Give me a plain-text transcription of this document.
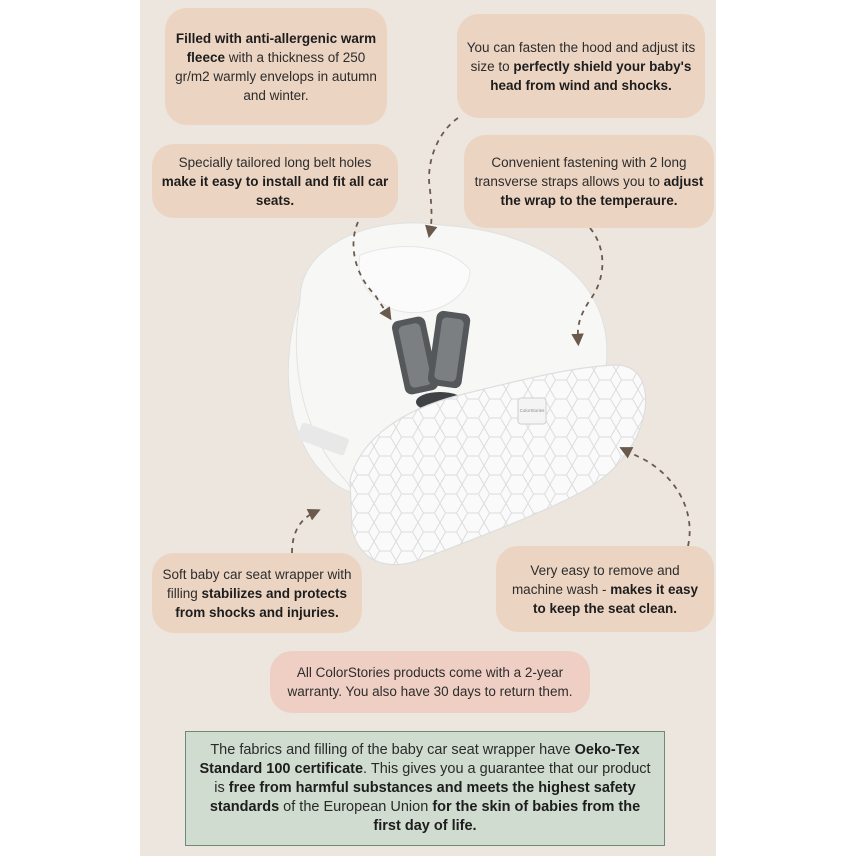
ColorStories
Filled with anti-allergenic warm fleece with a thickness of 250 gr/m2 warmly envelops in autumn and winter.
You can fasten the hood and adjust its size to perfectly shield your baby's head from wind and shocks.
Specially tailored long belt holes make it easy to install and fit all car seats.
Convenient fastening with 2 long transverse straps allows you to adjust the wrap to the temperaure.
Soft baby car seat wrapper with filling stabilizes and protects from shocks and injuries.
Very easy to remove and machine wash - makes it easy to keep the seat clean.
All ColorStories products come with a 2-year warranty. You also have 30 days to return them.
The fabrics and filling of the baby car seat wrapper have Oeko-Tex Standard 100 certificate. This gives you a guarantee that our product is free from harmful substances and meets the highest safety standards of the European Union for the skin of babies from the first day of life.
